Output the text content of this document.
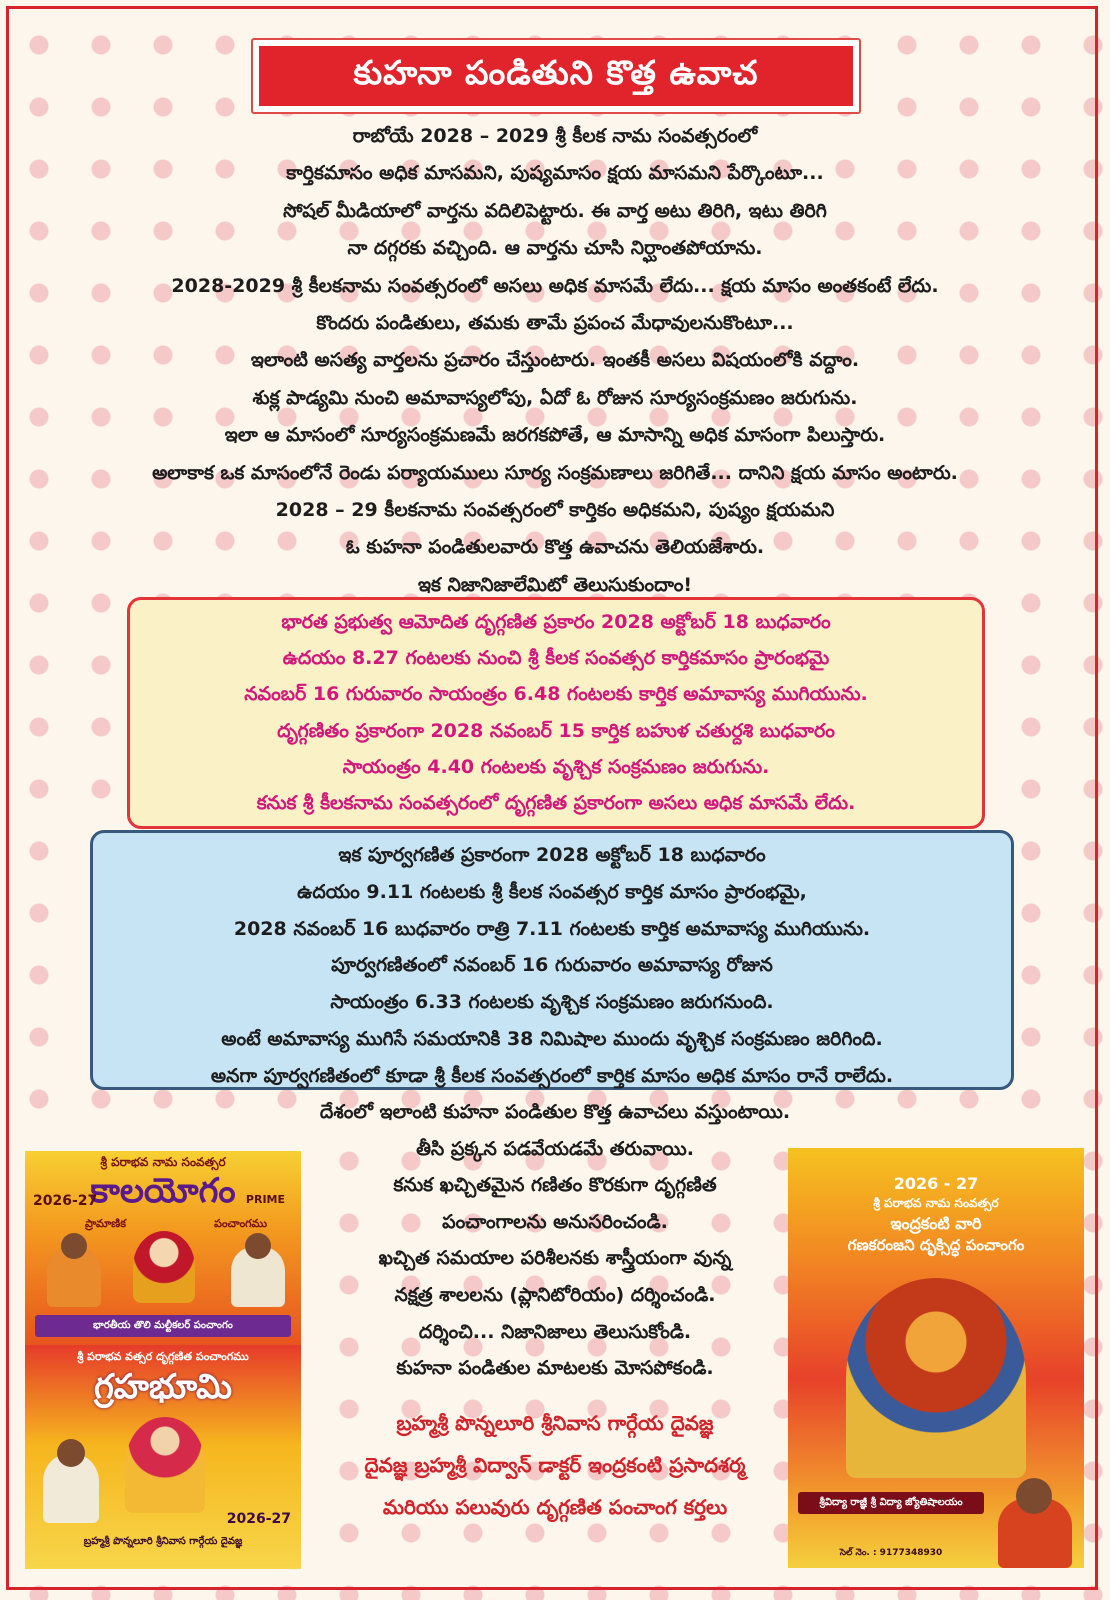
కుహనా పండితుని కొత్త ఉవాచ
రాబోయే 2028 – 2029 శ్రీ కీలక నామ సంవత్సరంలో
కార్తికమాసం అధిక మాసమని, పుష్యమాసం క్షయ మాసమని పేర్కొంటూ...
సోషల్ మీడియాలో వార్తను వదిలిపెట్టారు. ఈ వార్త అటు తిరిగి, ఇటు తిరిగి
నా దగ్గరకు వచ్చింది. ఆ వార్తను చూసి నిర్ఘాంతపోయాను.
2028-2029 శ్రీ కీలకనామ సంవత్సరంలో అసలు అధిక మాసమే లేదు... క్షయ మాసం అంతకంటే లేదు.
కొందరు పండితులు, తమకు తామే ప్రపంచ మేధావులనుకొంటూ...
ఇలాంటి అసత్య వార్తలను ప్రచారం చేస్తుంటారు. ఇంతకీ అసలు విషయంలోకి వద్దాం.
శుక్ల పాడ్యమి నుంచి అమావాస్యలోపు, ఏదో ఓ రోజున సూర్యసంక్రమణం జరుగును.
ఇలా ఆ మాసంలో సూర్యసంక్రమణమే జరగకపోతే, ఆ మాసాన్ని అధిక మాసంగా పిలుస్తారు.
అలాకాక ఒక మాసంలోనే రెండు పర్యాయములు సూర్య సంక్రమణాలు జరిగితే... దానిని క్షయ మాసం అంటారు.
2028 – 29 కీలకనామ సంవత్సరంలో కార్తికం అధికమని, పుష్యం క్షయమని
ఓ కుహనా పండితులవారు కొత్త ఉవాచను తెలియజేశారు.
ఇక నిజానిజాలేమిటో తెలుసుకుందాం!
భారత ప్రభుత్వ ఆమోదిత దృగ్గణిత ప్రకారం 2028 అక్టోబర్ 18 బుధవారం
ఉదయం 8.27 గంటలకు నుంచి శ్రీ కీలక సంవత్సర కార్తికమాసం ప్రారంభమై
నవంబర్ 16 గురువారం సాయంత్రం 6.48 గంటలకు కార్తిక అమావాస్య ముగియును.
దృగ్గణితం ప్రకారంగా 2028 నవంబర్ 15 కార్తిక బహుళ చతుర్దశి బుధవారం
సాయంత్రం 4.40 గంటలకు వృశ్చిక సంక్రమణం జరుగును.
కనుక శ్రీ కీలకనామ సంవత్సరంలో దృగ్గణిత ప్రకారంగా అసలు అధిక మాసమే లేదు.
ఇక పూర్వగణిత ప్రకారంగా 2028 అక్టోబర్ 18 బుధవారం
ఉదయం 9.11 గంటలకు శ్రీ కీలక సంవత్సర కార్తిక మాసం ప్రారంభమై,
2028 నవంబర్ 16 బుధవారం రాత్రి 7.11 గంటలకు కార్తిక అమావాస్య ముగియును.
పూర్వగణితంలో నవంబర్ 16 గురువారం అమావాస్య రోజున
సాయంత్రం 6.33 గంటలకు వృశ్చిక సంక్రమణం జరుగనుంది.
అంటే అమావాస్య ముగిసే సమయానికి 38 నిమిషాల ముందు వృశ్చిక సంక్రమణం జరిగింది.
అనగా పూర్వగణితంలో కూడా శ్రీ కీలక సంవత్సరంలో కార్తిక మాసం అధిక మాసం రానే రాలేదు.
దేశంలో ఇలాంటి కుహనా పండితుల కొత్త ఉవాచలు వస్తుంటాయి.
తీసి ప్రక్కన పడవేయడమే తరువాయి.
కనుక ఖచ్చితమైన గణితం కొరకుగా దృగ్గణిత
పంచాంగాలను అనుసరించండి.
ఖచ్చిత సమయాల పరిశీలనకు శాస్త్రీయంగా వున్న
నక్షత్ర శాలలను (ప్లానిటోరియం) దర్శించండి.
దర్శించి... నిజానిజాలు తెలుసుకోండి.
కుహనా పండితుల మాటలకు మోసపోకండి.
బ్రహ్మశ్రీ పొన్నలూరి శ్రీనివాస గార్గేయ దైవజ్ఞ
దైవజ్ఞ బ్రహ్మశ్రీ విద్వాన్ డాక్టర్ ఇంద్రకంటి ప్రసాదశర్మ
మరియు పలువురు దృగ్గణిత పంచాంగ కర్తలు
శ్రీ పరాభవ నామ సంవత్సర
కాలయోగం
2026-27	PRIME
ప్రామాణిక	పంచాంగము
భారతీయ తొలి మల్టీకలర్ పంచాంగం
శ్రీ పరాభవ వత్సర దృగ్గణిత పంచాంగము
గ్రహభూమి
2026-27
బ్రహ్మశ్రీ పొన్నలూరి శ్రీనివాస గార్గేయ దైవజ్ఞ
2026 - 27
శ్రీ పరాభవ నామ సంవత్సర
ఇంద్రకంటి వారి
గణకరంజని దృక్సిద్ధ పంచాంగం
శ్రీవిద్యా రాజ్ఞీ శ్రీ విద్యా జ్యోతిషాలయం
సెల్ నెం. : 9177348930
